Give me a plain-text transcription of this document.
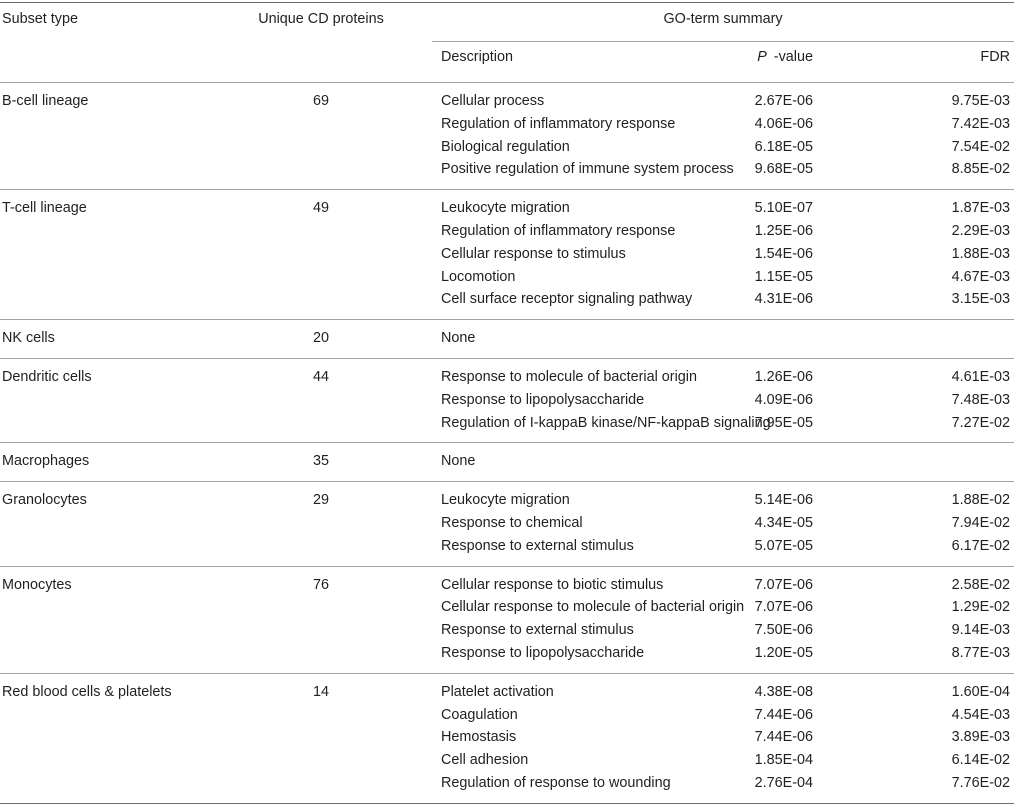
Subset type	Unique CD proteins	GO-term summary		
		Description	P -value	FDR
B-cell lineage	69	Cellular process	2.67E-06	9.75E-03
		Regulation of inflammatory response	4.06E-06	7.42E-03
		Biological regulation	6.18E-05	7.54E-02
		Positive regulation of immune system process	9.68E-05	8.85E-02
T-cell lineage	49	Leukocyte migration	5.10E-07	1.87E-03
		Regulation of inflammatory response	1.25E-06	2.29E-03
		Cellular response to stimulus	1.54E-06	1.88E-03
		Locomotion	1.15E-05	4.67E-03
		Cell surface receptor signaling pathway	4.31E-06	3.15E-03
NK cells	20	None		
Dendritic cells	44	Response to molecule of bacterial origin	1.26E-06	4.61E-03
		Response to lipopolysaccharide	4.09E-06	7.48E-03
		Regulation of I-kappaB kinase/NF-kappaB signaling	7.95E-05	7.27E-02
Macrophages	35	None		
Granolocytes	29	Leukocyte migration	5.14E-06	1.88E-02
		Response to chemical	4.34E-05	7.94E-02
		Response to external stimulus	5.07E-05	6.17E-02
Monocytes	76	Cellular response to biotic stimulus	7.07E-06	2.58E-02
		Cellular response to molecule of bacterial origin	7.07E-06	1.29E-02
		Response to external stimulus	7.50E-06	9.14E-03
		Response to lipopolysaccharide	1.20E-05	8.77E-03
Red blood cells & platelets	14	Platelet activation	4.38E-08	1.60E-04
		Coagulation	7.44E-06	4.54E-03
		Hemostasis	7.44E-06	3.89E-03
		Cell adhesion	1.85E-04	6.14E-02
		Regulation of response to wounding	2.76E-04	7.76E-02
